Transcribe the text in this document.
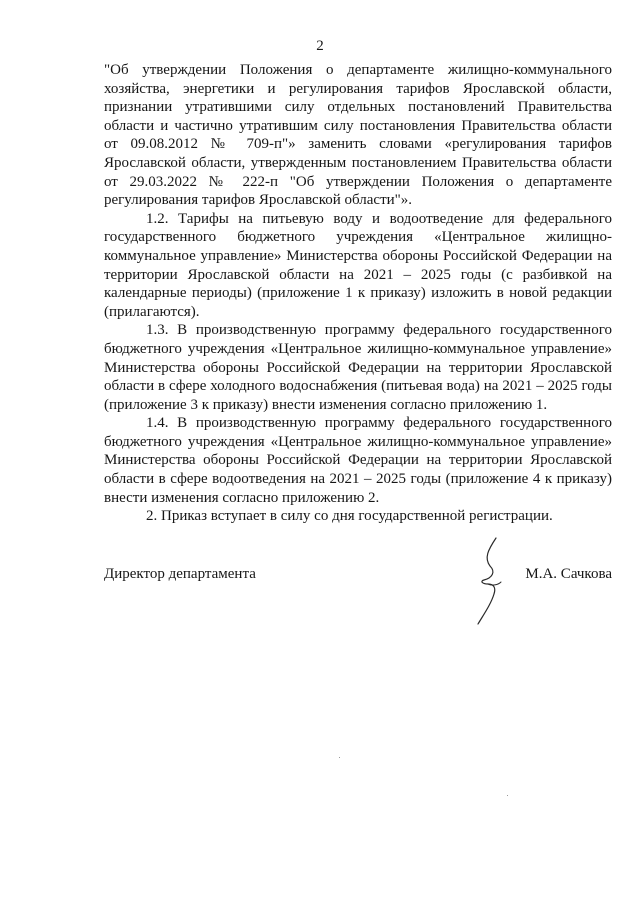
2

"Об утверждении Положения о департаменте жилищно-коммунального хозяйства, энергетики и регулирования тарифов Ярославской области, признании утратившими силу отдельных постановлений Правительства области и частично утратившим силу постановления Правительства области от 09.08.2012 № 709-п"» заменить словами «регулирования тарифов Ярославской области, утвержденным постановлением Правительства области от 29.03.2022 № 222-п "Об утверждении Положения о департаменте регулирования тарифов Ярославской области"».

1.2. Тарифы на питьевую воду и водоотведение для федерального государственного бюджетного учреждения «Центральное жилищно-коммунальное управление» Министерства обороны Российской Федерации на территории Ярославской области на 2021 – 2025 годы (с разбивкой на календарные периоды) (приложение 1 к приказу) изложить в новой редакции (прилагаются).

1.3. В производственную программу федерального государственного бюджетного учреждения «Центральное жилищно-коммунальное управление» Министерства обороны Российской Федерации на территории Ярославской области в сфере холодного водоснабжения (питьевая вода) на 2021 – 2025 годы (приложение 3 к приказу) внести изменения согласно приложению 1.

1.4. В производственную программу федерального государственного бюджетного учреждения «Центральное жилищно-коммунальное управление» Министерства обороны Российской Федерации на территории Ярославской области в сфере водоотведения на 2021 – 2025 годы (приложение 4 к приказу) внести изменения согласно приложению 2.

2. Приказ вступает в силу со дня государственной регистрации.

Директор департамента	М.А. Сачкова
